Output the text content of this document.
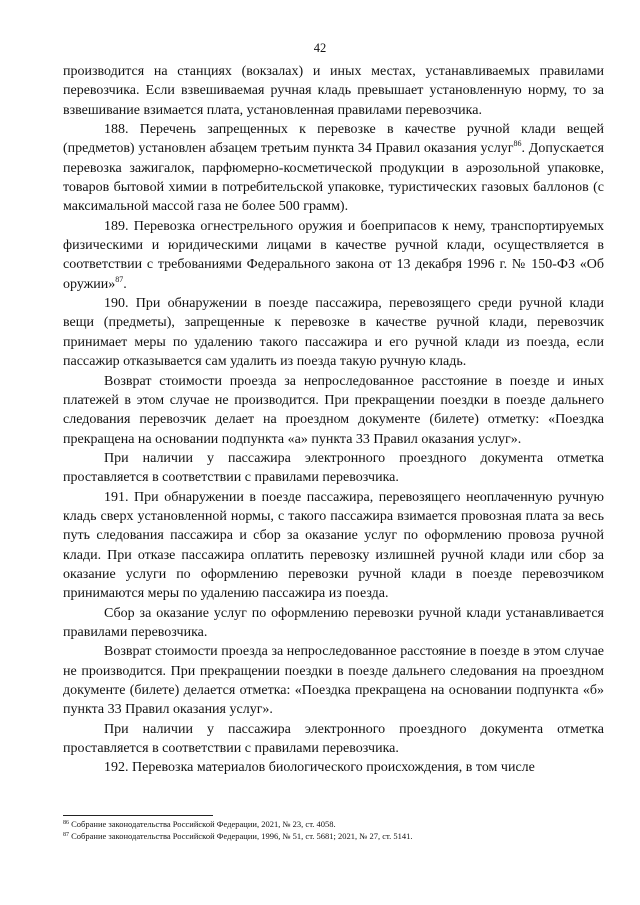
42

производится на станциях (вокзалах) и иных местах, устанавливаемых правилами перевозчика. Если взвешиваемая ручная кладь превышает установленную норму, то за взвешивание взимается плата, установленная правилами перевозчика.

188. Перечень запрещенных к перевозке в качестве ручной клади вещей (предметов) установлен абзацем третьим пункта 34 Правил оказания услуг$^{86}$. Допускается перевозка зажигалок, парфюмерно-косметической продукции в аэрозольной упаковке, товаров бытовой химии в потребительской упаковке, туристических газовых баллонов (с максимальной массой газа не более 500 грамм).

189. Перевозка огнестрельного оружия и боеприпасов к нему, транспортируемых физическими и юридическими лицами в качестве ручной клади, осуществляется в соответствии с требованиями Федерального закона от 13 декабря 1996 г. № 150-ФЗ «Об оружии»$^{87}$.

190. При обнаружении в поезде пассажира, перевозящего среди ручной клади вещи (предметы), запрещенные к перевозке в качестве ручной клади, перевозчик принимает меры по удалению такого пассажира и его ручной клади из поезда, если пассажир отказывается сам удалить из поезда такую ручную кладь.

Возврат стоимости проезда за непроследованное расстояние в поезде и иных платежей в этом случае не производится. При прекращении поездки в поезде дальнего следования перевозчик делает на проездном документе (билете) отметку: «Поездка прекращена на основании подпункта «а» пункта 33 Правил оказания услуг».

При наличии у пассажира электронного проездного документа отметка проставляется в соответствии с правилами перевозчика.

191. При обнаружении в поезде пассажира, перевозящего неоплаченную ручную кладь сверх установленной нормы, с такого пассажира взимается провозная плата за весь путь следования пассажира и сбор за оказание услуг по оформлению провоза ручной клади. При отказе пассажира оплатить перевозку излишней ручной клади или сбор за оказание услуги по оформлению перевозки ручной клади в поезде перевозчиком принимаются меры по удалению пассажира из поезда.

Сбор за оказание услуг по оформлению перевозки ручной клади устанавливается правилами перевозчика.

Возврат стоимости проезда за непроследованное расстояние в поезде в этом случае не производится. При прекращении поездки в поезде дальнего следования на проездном документе (билете) делается отметка: «Поездка прекращена на основании подпункта «б» пункта 33 Правил оказания услуг».

При наличии у пассажира электронного проездного документа отметка проставляется в соответствии с правилами перевозчика.

192. Перевозка материалов биологического происхождения, в том числе

$^{86}$ Собрание законодательства Российской Федерации, 2021, № 23, ст. 4058.

$^{87}$ Собрание законодательства Российской Федерации, 1996, № 51, ст. 5681; 2021, № 27, ст. 5141.
